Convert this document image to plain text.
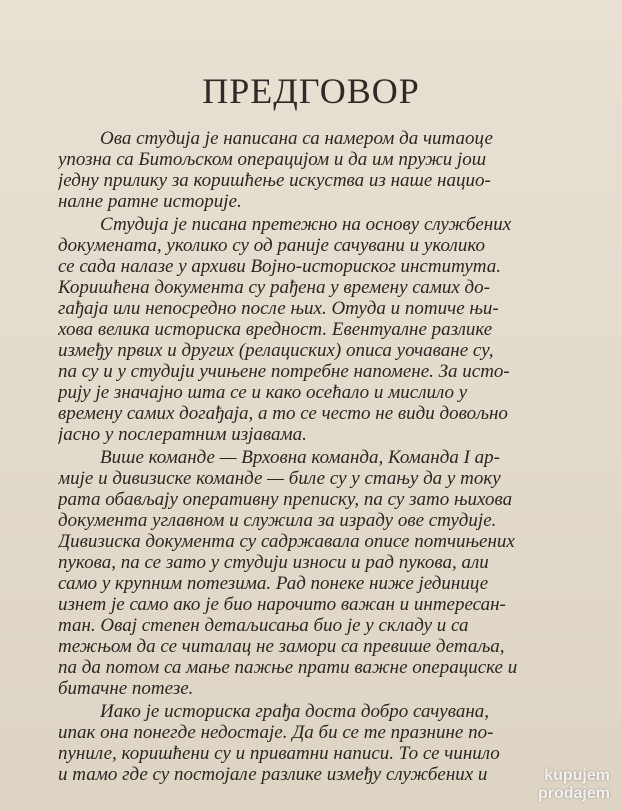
ПРЕДГОВОР
Ова студија је написана са намером да читаоце
упозна са Битољском операцијом и да им пружи још
једну прилику за коришћење искуства из наше нацио-
налне ратне историје.
Студија је писана претежно на основу службених
докумената, уколико су од раније сачувани и уколико
се сада налазе у архиви Војно-историског института.
Коришћена документа су рађена у времену самих до-
гађаја или непосредно после њих. Отуда и потиче њи-
хова велика историска вредност. Евентуалне разлике
између првих и других (релациских) описа уочаване су,
па су и у студији учињене потребне напомене. За исто-
рију је значајно шта се и како осећало и мислило у
времену самих догађаја, а то се често не види довољно
јасно у послератним изјавама.
Више команде — Врховна команда, Команда I ар-
мије и дивизиске команде — биле су у стању да у току
рата обављају оперативну преписку, па су зато њихова
документа углавном и служила за израду ове студије.
Дивизиска документа су садржавала описе потчињених
пукова, па се зато у студији износи и рад пукова, али
само у крупним потезима. Рад понеке ниже јединице
изнет је само ако је био нарочито важан и интересан-
тан. Овај степен детаљисања био је у складу и са
тежњом да се читалац не замори са превише детаља,
па да потом са мање пажње прати важне операциске и
битачне потезе.
Иако је историска грађа доста добро сачувана,
ипак она понегде недостаје. Да би се те празнине по-
пуниле, коришћени су и приватни написи. То се чинило
и тамо где су постојале разлике између службених и	kupujem
prodajem
